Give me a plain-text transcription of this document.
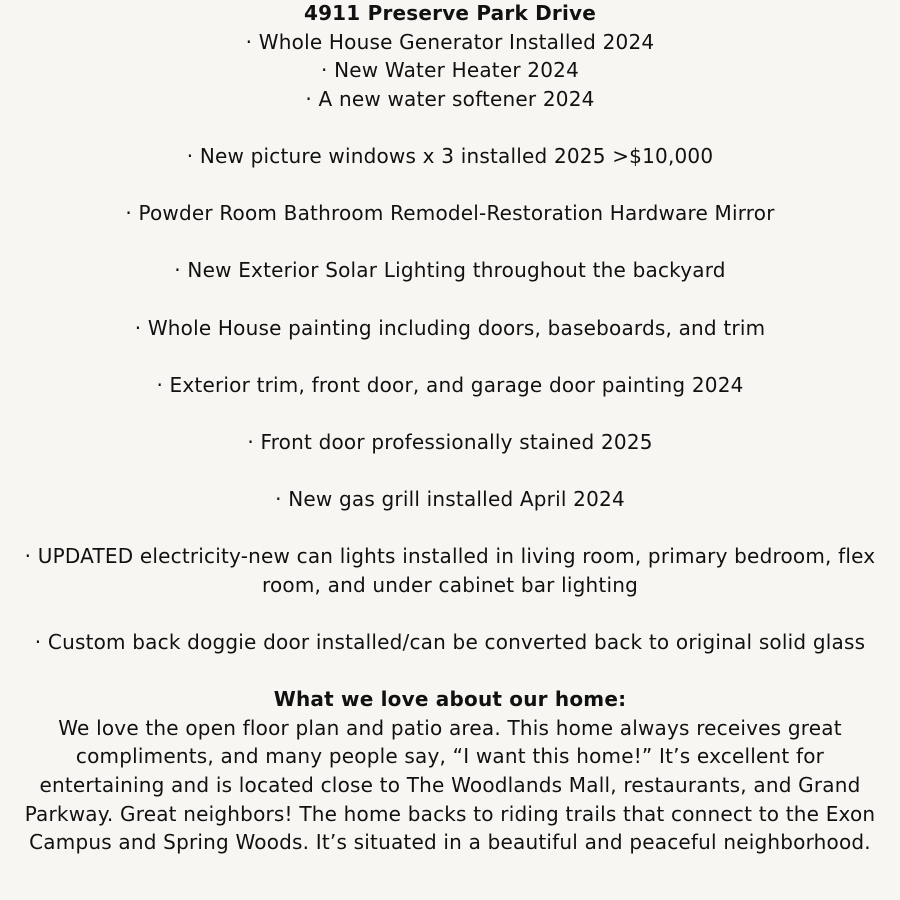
4911 Preserve Park Drive
· Whole House Generator Installed 2024
· New Water Heater 2024
· A new water softener 2024
· New picture windows x 3 installed 2025 >$10,000
· Powder Room Bathroom Remodel-Restoration Hardware Mirror
· New Exterior Solar Lighting throughout the backyard
· Whole House painting including doors, baseboards, and trim
· Exterior trim, front door, and garage door painting 2024
· Front door professionally stained 2025
· New gas grill installed April 2024
· UPDATED electricity-new can lights installed in living room, primary bedroom, flex room, and under cabinet bar lighting
· Custom back doggie door installed/can be converted back to original solid glass
What we love about our home:
We love the open floor plan and patio area. This home always receives great compliments, and many people say, “I want this home!” It’s excellent for entertaining and is located close to The Woodlands Mall, restaurants, and Grand Parkway. Great neighbors! The home backs to riding trails that connect to the Exon Campus and Spring Woods. It’s situated in a beautiful and peaceful neighborhood.
